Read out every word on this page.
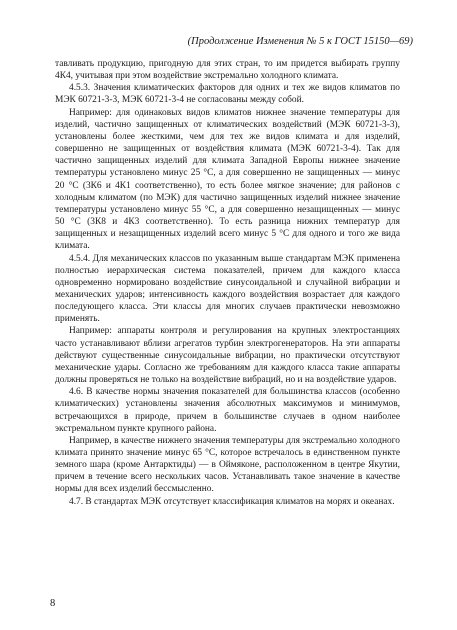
(Продолжение Изменения № 5 к ГОСТ 15150—69)

тавливать продукцию, пригодную для этих стран, то им придется выбирать группу 4К4, учитывая при этом воздействие экстремально холодного климата.

4.5.3. Значения климатических факторов для одних и тех же видов климатов по МЭК 60721-3-3, МЭК 60721-3-4 не согласованы между собой.

Например: для одинаковых видов климатов нижнее значение температуры для изделий, частично защищенных от климатических воздействий (МЭК 60721-3-3), установлены более жесткими, чем для тех же видов климата и для изделий, совершенно не защищенных от воздействия климата (МЭК 60721-3-4). Так для частично защищенных изделий для климата Западной Европы нижнее значение температуры установлено минус 25 °С, а для совершенно не защищенных — минус 20 °С (3К6 и 4К1 соответственно), то есть более мягкое значение; для районов с холодным климатом (по МЭК) для частично защищенных изделий нижнее значение температуры установлено минус 55 °С, а для совершенно незащищенных — минус 50 °С (3К8 и 4К3 соответственно). То есть разница нижних температур для защищенных и незащищенных изделий всего минус 5 °С для одного и того же вида климата.

4.5.4. Для механических классов по указанным выше стандартам МЭК применена полностью иерархическая система показателей, причем для каждого класса одновременно нормировано воздействие синусоидальной и случайной вибрации и механических ударов; интенсивность каждого воздействия возрастает для каждого последующего класса. Эти классы для многих случаев практически невозможно применять.

Например: аппараты контроля и регулирования на крупных электростанциях часто устанавливают вблизи агрегатов турбин электрогенераторов. На эти аппараты действуют существенные синусоидальные вибрации, но практически отсутствуют механические удары. Согласно же требованиям для каждого класса такие аппараты должны проверяться не только на воздействие вибраций, но и на воздействие ударов.

4.6. В качестве нормы значения показателей для большинства классов (особенно климатических) установлены значения абсолютных максимумов и минимумов, встречающихся в природе, причем в большинстве случаев в одном наиболее экстремальном пункте крупного района.

Например, в качестве нижнего значения температуры для экстремально холодного климата принято значение минус 65 °С, которое встречалось в единственном пункте земного шара (кроме Антарктиды) — в Оймяконе, расположенном в центре Якутии, причем в течение всего нескольких часов. Устанавливать такое значение в качестве нормы для всех изделий бессмысленно.

4.7. В стандартах МЭК отсутствует классификация климатов на морях и океанах.

8
